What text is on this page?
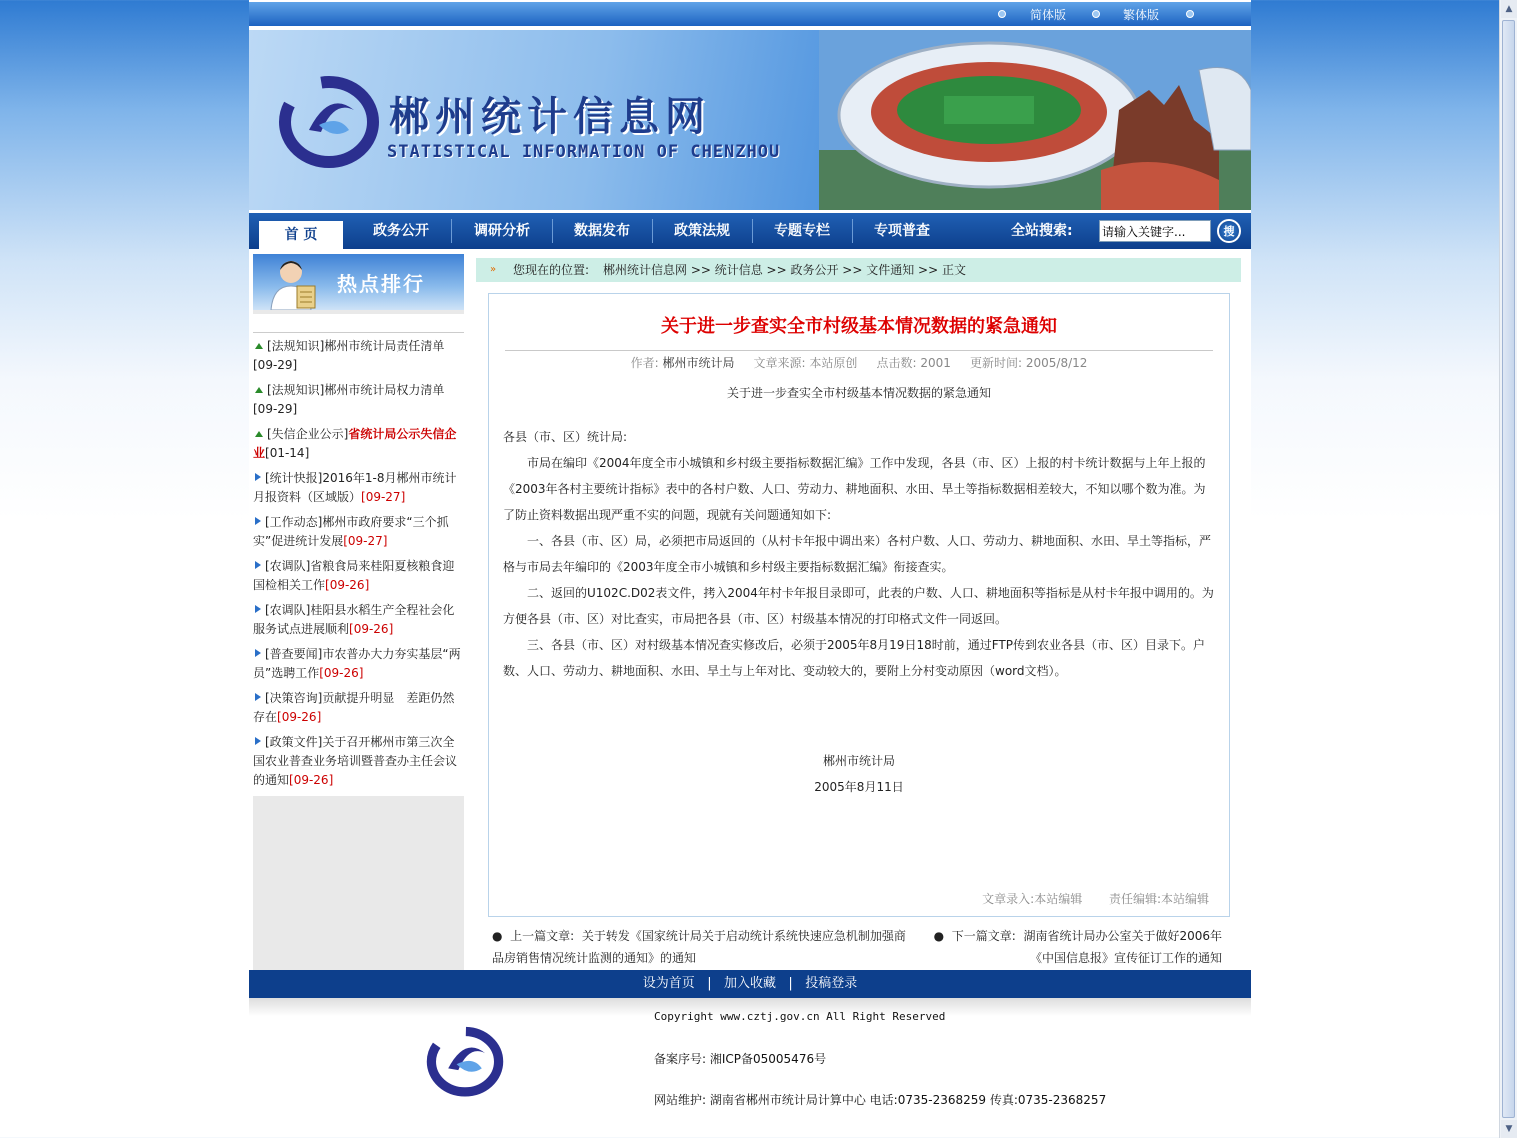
简体版	繁体版
郴州统计信息网
STATISTICAL INFORMATION OF CHENZHOU
首 页	政务公开	调研分析	数据发布	政策法规	专题专栏	专项普查	全站搜索:
请输入关键字...	搜
热点排行
[法规知识]郴州市统计局责任清单
[09-29]
[法规知识]郴州市统计局权力清单
[09-29]
[失信企业公示]省统计局公示失信企业[01-14]
[统计快报]2016年1-8月郴州市统计月报资料（区域版）[09-27]
[工作动态]郴州市政府要求“三个抓实”促进统计发展[09-27]
[农调队]省粮食局来桂阳夏核粮食迎国检相关工作[09-26]
[农调队]桂阳县水稻生产全程社会化服务试点进展顺利[09-26]
[普查要闻]市农普办大力夯实基层“两员”选聘工作[09-26]
[决策咨询]贡献提升明显　差距仍然存在[09-26]
[政策文件]关于召开郴州市第三次全国农业普查业务培训暨普查办主任会议的通知[09-26]
» 您现在的位置: 郴州统计信息网 >> 统计信息 >> 政务公开 >> 文件通知 >> 正文
关于进一步查实全市村级基本情况数据的紧急通知
作者: 郴州市统计局 文章来源: 本站原创 点击数: 2001 更新时间: 2005/8/12
关于进一步查实全市村级基本情况数据的紧急通知

各县（市、区）统计局:

市局在编印《2004年度全市小城镇和乡村级主要指标数据汇编》工作中发现，各县（市、区）上报的村卡统计数据与上年上报的《2003年各村主要统计指标》表中的各村户数、人口、劳动力、耕地面积、水田、旱土等指标数据相差较大，不知以哪个数为准。为了防止资料数据出现严重不实的问题，现就有关问题通知如下:

一、各县（市、区）局，必须把市局返回的（从村卡年报中调出来）各村户数、人口、劳动力、耕地面积、水田、旱土等指标，严格与市局去年编印的《2003年度全市小城镇和乡村级主要指标数据汇编》衔接查实。

二、返回的U102C.D02表文件，拷入2004年村卡年报目录即可，此表的户数、人口、耕地面积等指标是从村卡年报中调用的。为方便各县（市、区）对比查实，市局把各县（市、区）村级基本情况的打印格式文件一同返回。

三、各县（市、区）对村级基本情况查实修改后，必须于2005年8月19日18时前，通过FTP传到农业各县（市、区）目录下。户数、人口、劳动力、耕地面积、水田、旱土与上年对比、变动较大的，要附上分村变动原因（word文档）。

郴州市统计局
2005年8月11日
文章录入:本站编辑 责任编辑:本站编辑
● 上一篇文章: 关于转发《国家统计局关于启动统计系统快速应急机制加强商品房销售情况统计监测的通知》的通知
● 下一篇文章: 湖南省统计局办公室关于做好2006年《中国信息报》宣传征订工作的通知
设为首页   |   加入收藏   |   投稿登录
Copyright www.cztj.gov.cn All Right Reserved
备案序号: 湘ICP备05005476号
网站维护: 湖南省郴州市统计局计算中心 电话:0735-2368259 传真:0735-2368257
▲
▼
